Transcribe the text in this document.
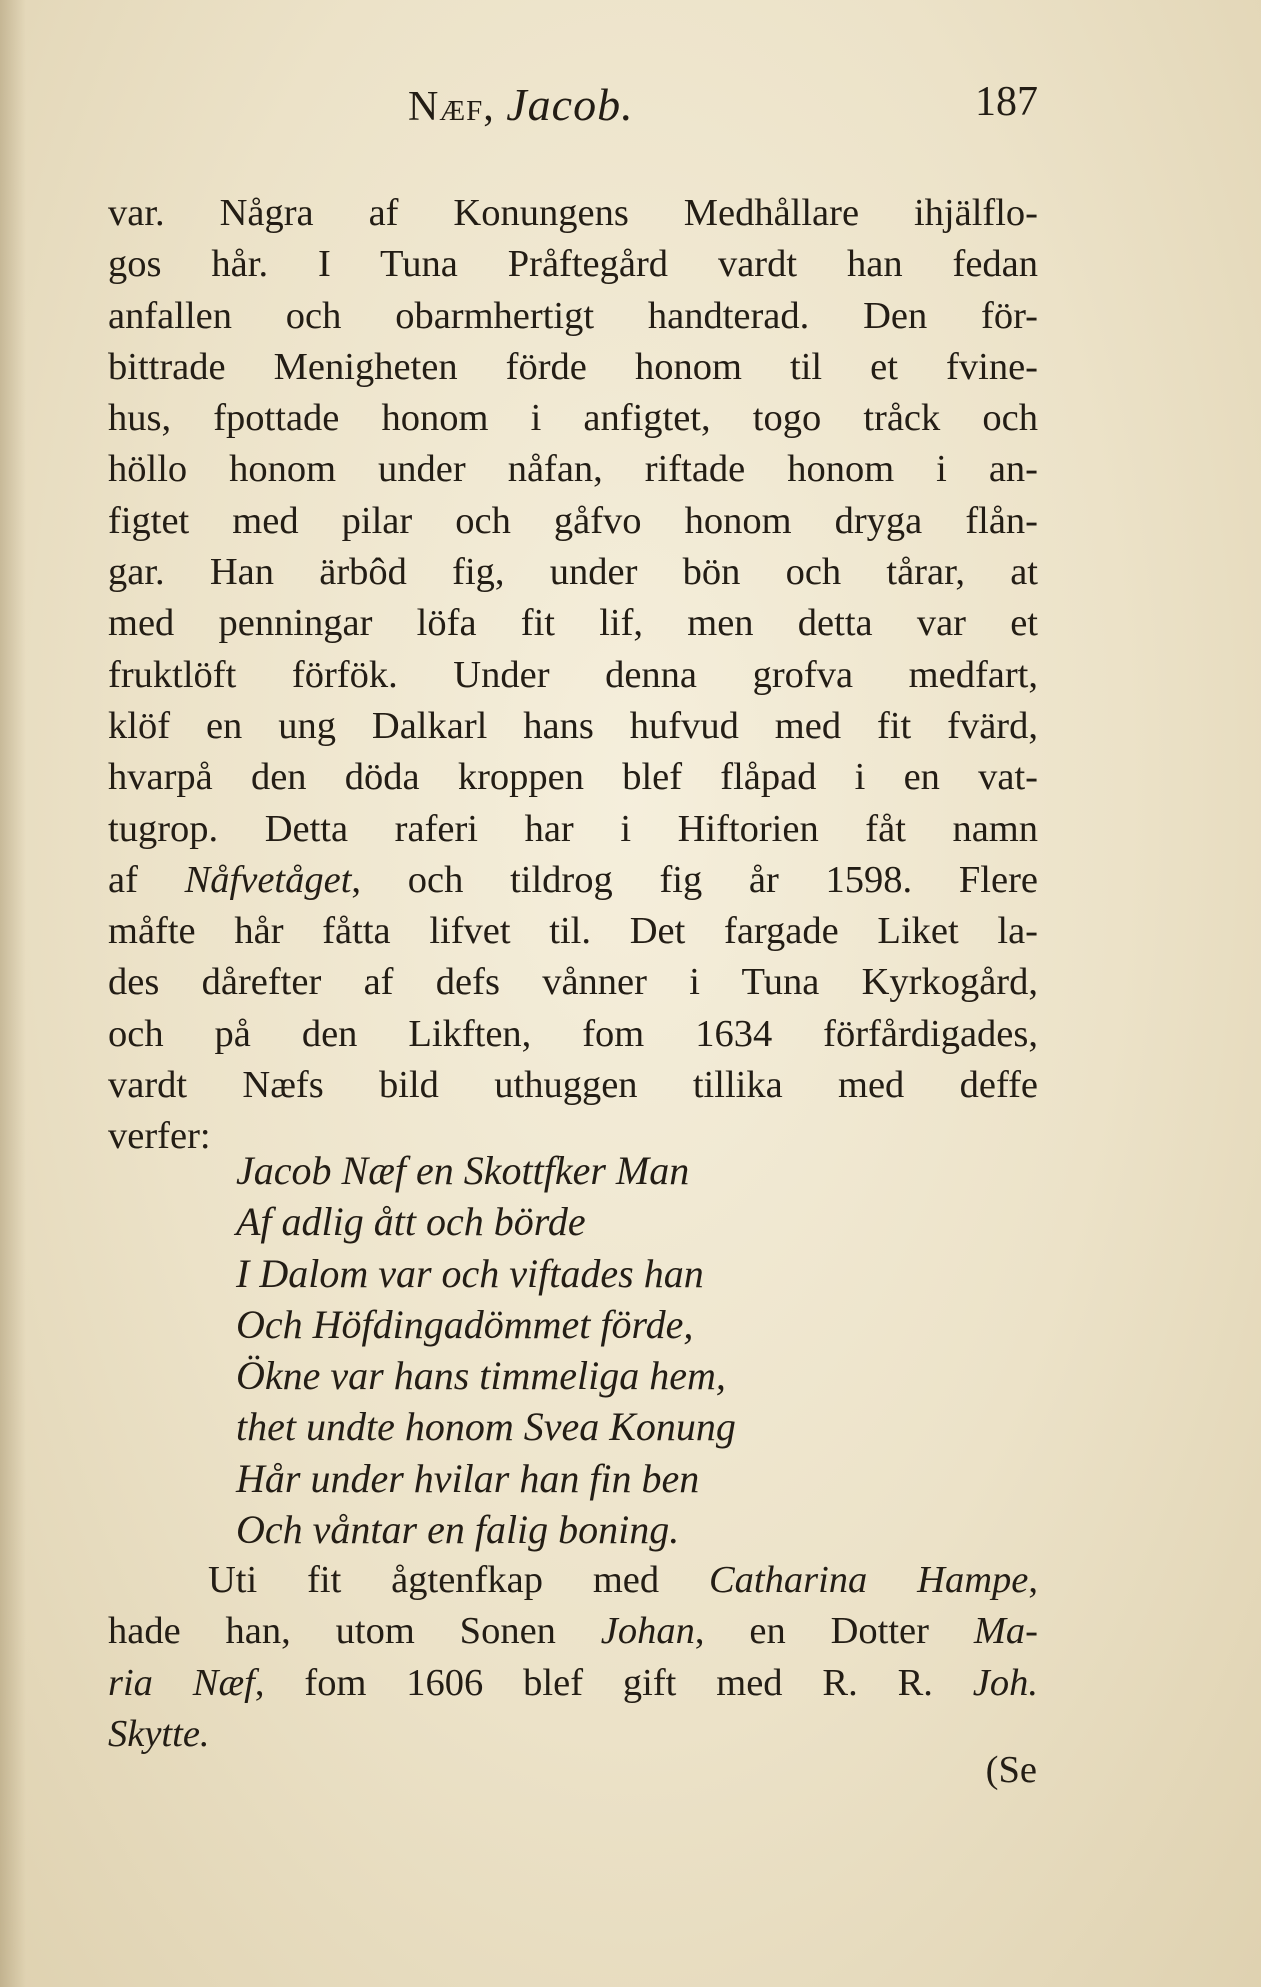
Næf, Jacob.	187
var. Några af Konungens Medhållare ihjälflo-
gos hår. I Tuna Pråftegård vardt han fedan
anfallen och obarmhertigt handterad. Den för-
bittrade Menigheten förde honom til et fvine-
hus, fpottade honom i anfigtet, togo tråck och
höllo honom under nåfan, riftade honom i an-
figtet med pilar och gåfvo honom dryga flån-
gar. Han ärbôd fig, under bön och tårar, at
med penningar löfa fit lif, men detta var et
fruktlöft förfök. Under denna grofva medfart,
klöf en ung Dalkarl hans hufvud med fit fvärd,
hvarpå den döda kroppen blef flåpad i en vat-
tugrop. Detta raferi har i Hiftorien fåt namn
af Nåfvetåget, och tildrog fig år 1598. Flere
måfte hår fåtta lifvet til. Det fargade Liket la-
des dårefter af defs vånner i Tuna Kyrkogård,
och på den Likften, fom 1634 förfårdigades,
vardt Næfs bild uthuggen tillika med deffe
verfer:
Jacob Næf en Skottfker Man
Af adlig ått och börde
I Dalom var och viftades han
Och Höfdingadömmet förde,
Ökne var hans timmeliga hem,
thet undte honom Svea Konung
Hår under hvilar han fin ben
Och våntar en falig boning.
Uti fit ågtenfkap med Catharina Hampe,
hade han, utom Sonen Johan, en Dotter Ma-
ria Næf, fom 1606 blef gift med R. R. Joh.
Skytte.
(Se
